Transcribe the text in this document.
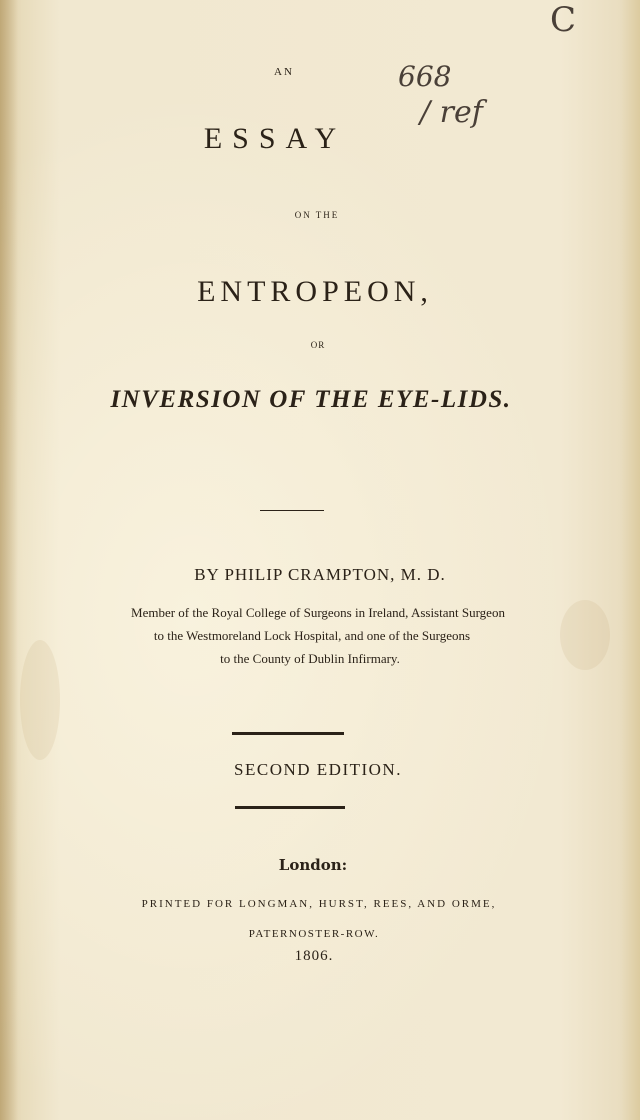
C
668
/ ref
AN
ESSAY
ON THE
ENTROPEON,
OR
INVERSION OF THE EYE-LIDS.
BY PHILIP CRAMPTON, M. D.
Member of the Royal College of Surgeons in Ireland, Assistant Surgeon
to the Westmoreland Lock Hospital, and one of the Surgeons
to the County of Dublin Infirmary.
SECOND EDITION.
London:
PRINTED FOR LONGMAN, HURST, REES, AND ORME,
PATERNOSTER-ROW.
1806.
